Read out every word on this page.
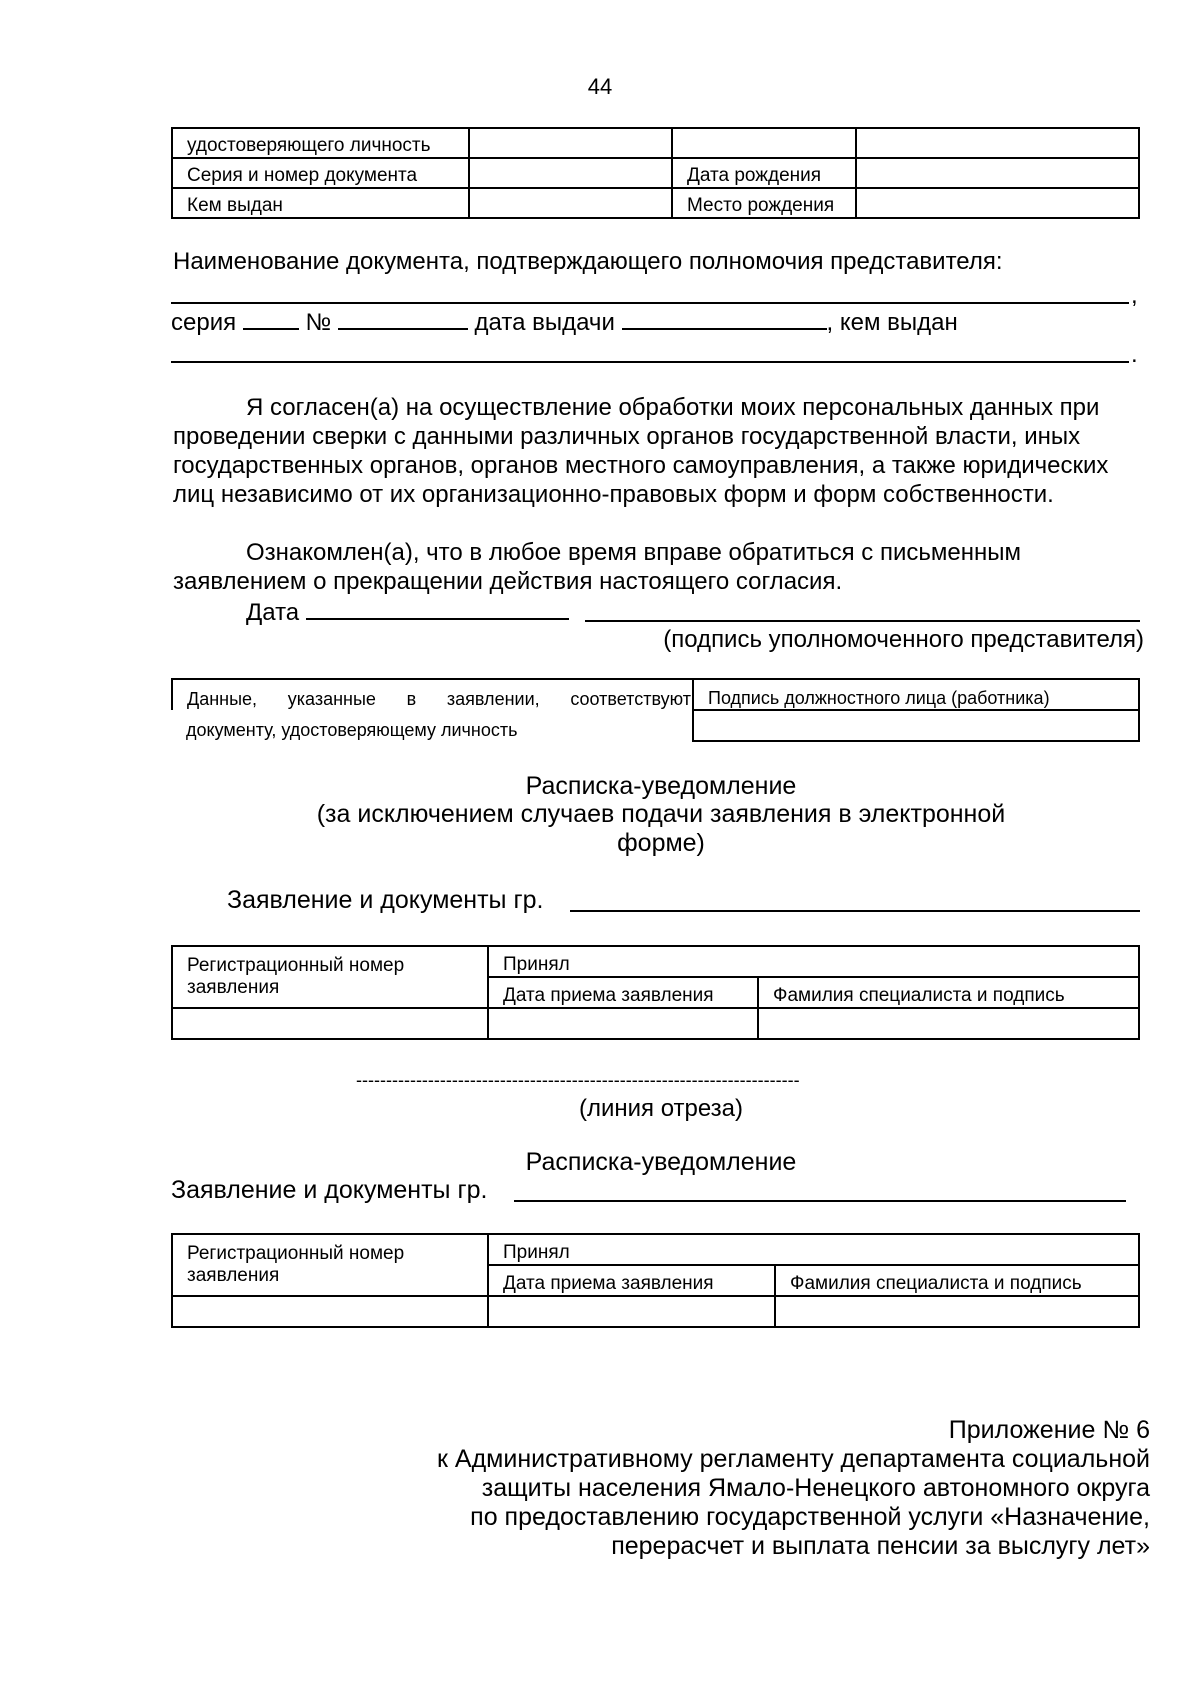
44
удостоверяющего личность			
Серия и номер документа		Дата рождения	
Кем выдан		Место рождения	
Наименование документа, подтверждающего полномочия представителя:
,
серия	№	дата выдачи	, кем выдан
.
Я согласен(а) на осуществление обработки моих персональных данных при проведении сверки с данными различных органов государственной власти, иных государственных органов, органов местного самоуправления, а также юридических лиц независимо от их организационно-правовых форм и форм собственности.
Ознакомлен(а), что в любое время вправе обратиться с письменным заявлением о прекращении действия настоящего согласия.
Дата
(подпись уполномоченного представителя)
Данные, указанные в заявлении, соответствуют	Подпись должностного лица (работника)
документу, удостоверяющему личность	
Расписка-уведомление
(за исключением случаев подачи заявления в электронной
форме)
Заявление и документы гр.
Регистрационный номер	Принял	
заявления	Дата приема заявления	Фамилия специалиста и подпись

--------------------------------------------------------------------------
(линия отреза)
Расписка-уведомление
Заявление и документы гр.
Регистрационный номер	Принял	
заявления	Дата приема заявления	Фамилия специалиста и подпись

Приложение № 6
к Административному регламенту департамента социальной
защиты населения Ямало-Ненецкого автономного округа
по предоставлению государственной услуги «Назначение,
перерасчет и выплата пенсии за выслугу лет»
